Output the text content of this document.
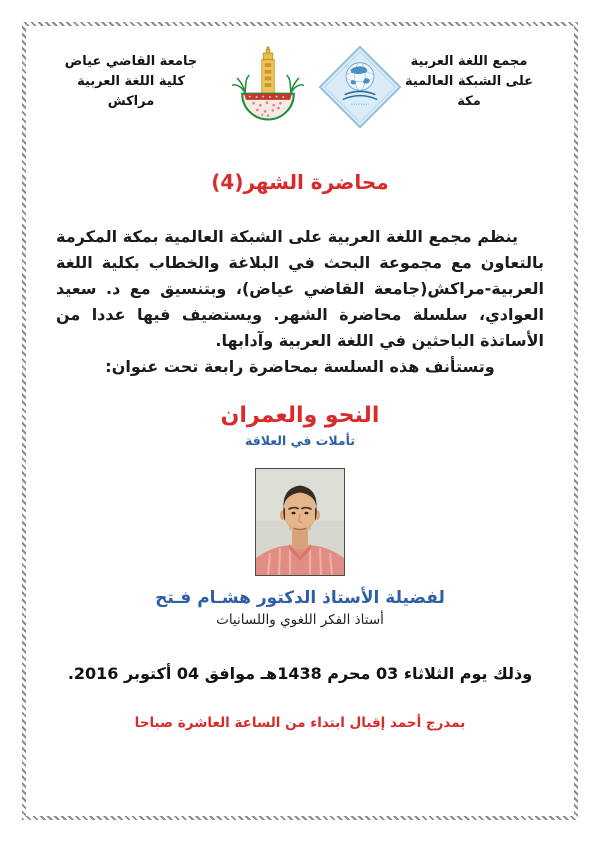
مجمع اللغة العربية
على الشبكة العالمية
مكة
جامعة القاضي عياض
كلية اللغة العربية
مراكش
محاضرة الشهر(4)
ينظم مجمع اللغة العربية على الشبكة العالمية بمكة المكرمة بالتعاون مع مجموعة البحث في البلاغة والخطاب بكلية اللغة العربية-مراكش(جامعة القاضي عياض)، وبتنسيق مع د. سعيد العوادي، سلسلة محاضرة الشهر. ويستضيف فيها عددا من الأساتذة الباحثين في اللغة العربية وآدابها.
وتستأنف هذه السلسة بمحاضرة رابعة تحت عنوان:
النحو والعمران
تأملات في العلاقة
لفضيلة الأستاذ الدكتور هشـام فـتح
أستاذ الفكر اللغوي واللسانيات
وذلك يوم الثلاثاء 03 محرم 1438هـ موافق 04 أكتوبر 2016.
بمدرج أحمد إقبال ابتداء من الساعة العاشرة صباحا
